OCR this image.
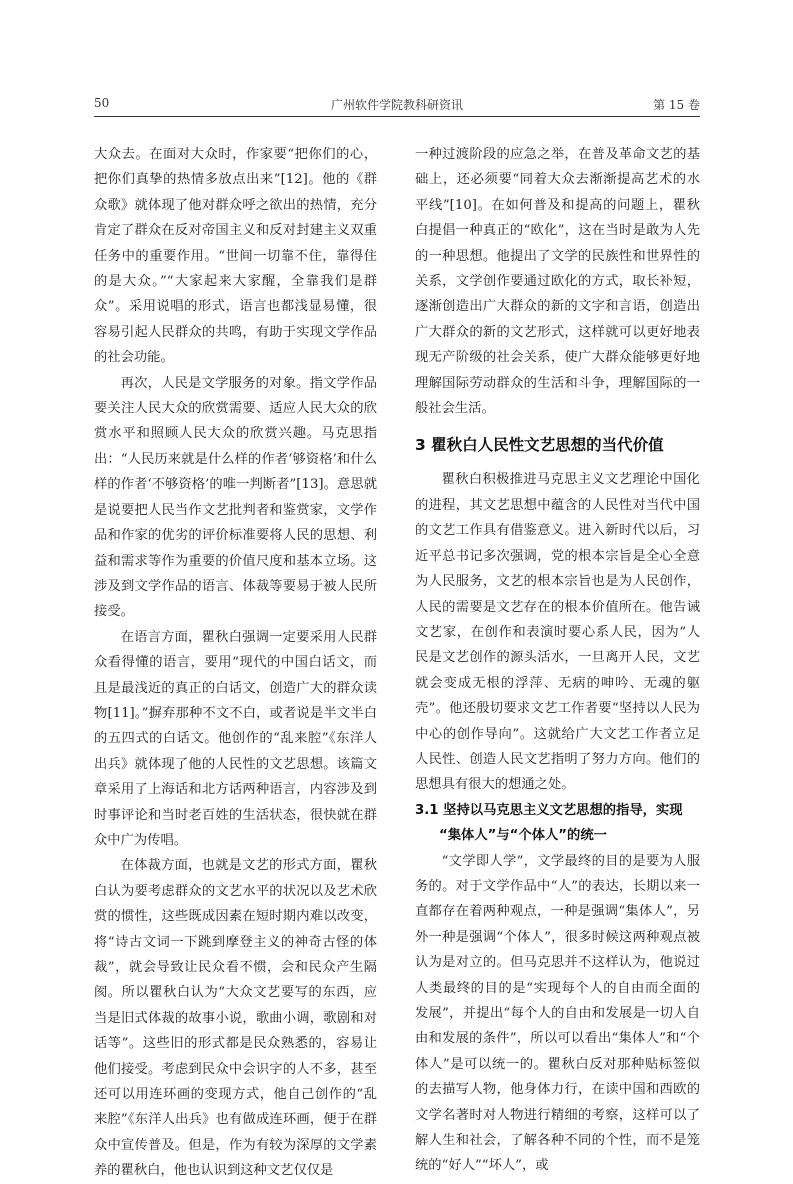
50	广州软件学院教科研资讯	第 15 卷

大众去。在面对大众时，作家要“把你们的心，把你们真挚的热情多放点出来”[12]。他的《群众歌》就体现了他对群众呼之欲出的热情，充分肯定了群众在反对帝国主义和反对封建主义双重任务中的重要作用。“世间一切靠不住，靠得住的是大众。”“大家起来大家醒，全靠我们是群众”。采用说唱的形式，语言也都浅显易懂，很容易引起人民群众的共鸣，有助于实现文学作品的社会功能。

再次，人民是文学服务的对象。指文学作品要关注人民大众的欣赏需要、适应人民大众的欣赏水平和照顾人民大众的欣赏兴趣。马克思指出：“人民历来就是什么样的作者‘够资格’和什么样的作者‘不够资格’的唯一判断者”[13]。意思就是说要把人民当作文艺批判者和鉴赏家，文学作品和作家的优劣的评价标准要将人民的思想、利益和需求等作为重要的价值尺度和基本立场。这涉及到文学作品的语言、体裁等要易于被人民所接受。

在语言方面，瞿秋白强调一定要采用人民群众看得懂的语言，要用“现代的中国白话文，而且是最浅近的真正的白话文，创造广大的群众读物[11]。”摒弃那种不文不白，或者说是半文半白的五四式的白话文。他创作的“乱来腔”《东洋人出兵》就体现了他的人民性的文艺思想。该篇文章采用了上海话和北方话两种语言，内容涉及到时事评论和当时老百姓的生活状态，很快就在群众中广为传唱。

在体裁方面，也就是文艺的形式方面，瞿秋白认为要考虑群众的文艺水平的状况以及艺术欣赏的惯性，这些既成因素在短时期内难以改变，将“诗古文词一下跳到摩登主义的神奇古怪的体裁”，就会导致让民众看不惯，会和民众产生隔阂。所以瞿秋白认为“大众文艺要写的东西，应当是旧式体裁的故事小说，歌曲小调，歌剧和对话等”。这些旧的形式都是民众熟悉的，容易让他们接受。考虑到民众中会识字的人不多，甚至还可以用连环画的变现方式，他自己创作的“乱来腔”《东洋人出兵》也有做成连环画，便于在群众中宣传普及。但是，作为有较为深厚的文学素养的瞿秋白，他也认识到这种文艺仅仅是

一种过渡阶段的应急之举，在普及革命文艺的基础上，还必须要“同着大众去渐渐提高艺术的水平线”[10]。在如何普及和提高的问题上，瞿秋白提倡一种真正的“欧化”，这在当时是敢为人先的一种思想。他提出了文学的民族性和世界性的关系，文学创作要通过欧化的方式，取长补短，逐渐创造出广大群众的新的文字和言语，创造出广大群众的新的文艺形式，这样就可以更好地表现无产阶级的社会关系，使广大群众能够更好地理解国际劳动群众的生活和斗争，理解国际的一般社会生活。

3 瞿秋白人民性文艺思想的当代价值

瞿秋白积极推进马克思主义文艺理论中国化的进程，其文艺思想中蕴含的人民性对当代中国的文艺工作具有借鉴意义。进入新时代以后，习近平总书记多次强调，党的根本宗旨是全心全意为人民服务，文艺的根本宗旨也是为人民创作，人民的需要是文艺存在的根本价值所在。他告诫文艺家，在创作和表演时要心系人民，因为“人民是文艺创作的源头活水，一旦离开人民，文艺就会变成无根的浮萍、无病的呻吟、无魂的躯壳”。他还殷切要求文艺工作者要“坚持以人民为中心的创作导向”。这就给广大文艺工作者立足人民性、创造人民文艺指明了努力方向。他们的思想具有很大的想通之处。

3.1 坚持以马克思主义文艺思想的指导，实现
“集体人”与“个体人”的统一

“文学即人学”，文学最终的目的是要为人服务的。对于文学作品中“人”的表达，长期以来一直都存在着两种观点，一种是强调“集体人”，另外一种是强调“个体人”，很多时候这两种观点被认为是对立的。但马克思并不这样认为，他说过人类最终的目的是“实现每个人的自由而全面的发展”，并提出“每个人的自由和发展是一切人自由和发展的条件”，所以可以看出“集体人”和“个体人”是可以统一的。瞿秋白反对那种贴标签似的去描写人物，他身体力行，在读中国和西欧的文学名著时对人物进行精细的考察，这样可以了解人生和社会，了解各种不同的个性，而不是笼统的“好人”“坏人”，或
